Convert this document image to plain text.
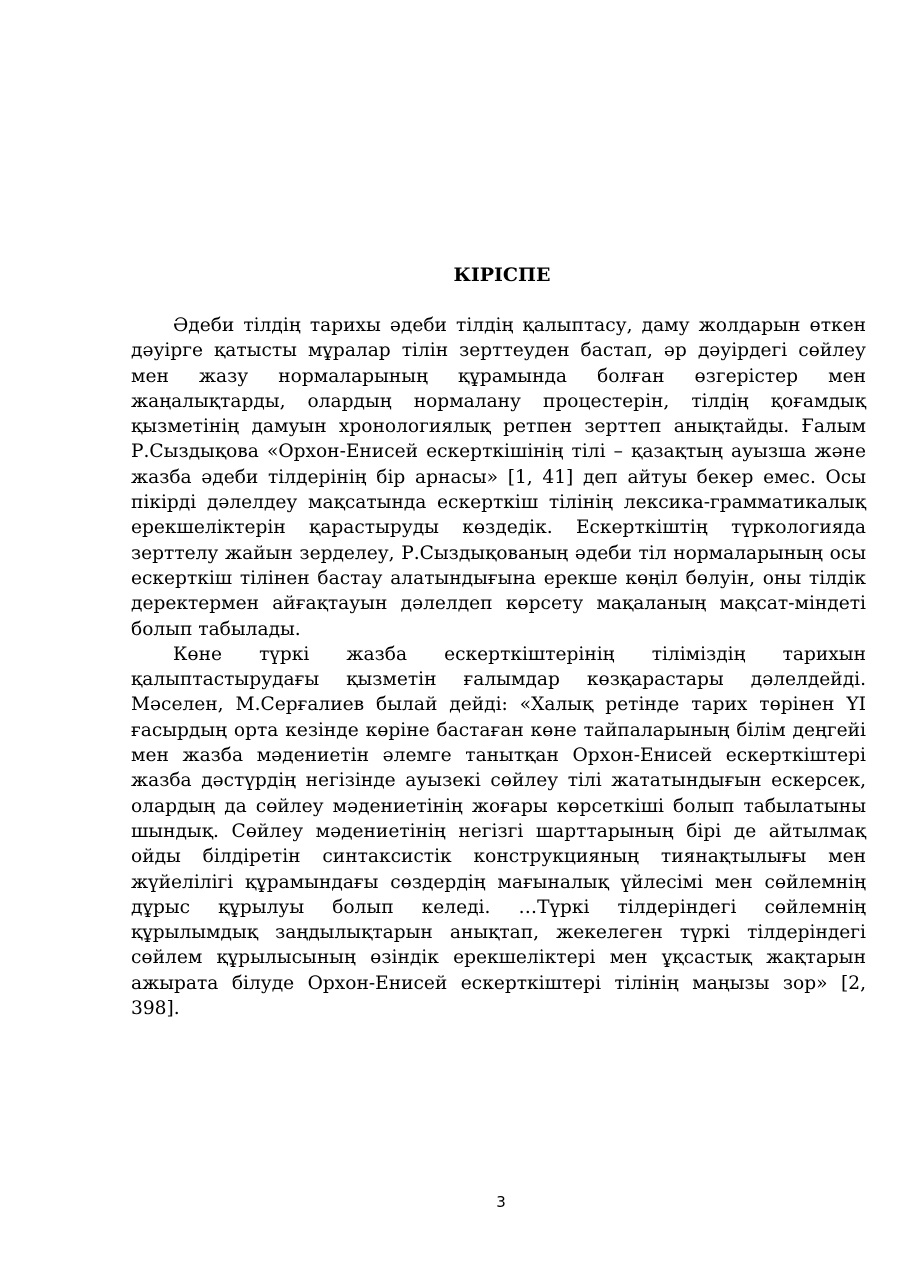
КІРІСПЕ

Әдеби тілдің тарихы әдеби тілдің қалыптасу, даму жолдарын өткен дәуірге қатысты мұралар тілін зерттеуден бастап, әр дәуірдегі сөйлеу мен жазу нормаларының құрамында болған өзгерістер мен жаңалықтарды, олардың нормалану процестерін, тілдің қоғамдық қызметінің дамуын хронологиялық ретпен зерттеп анықтайды. Ғалым Р.Сыздықова «Орхон-Енисей ескерткішінің тілі – қазақтың ауызша және жазба әдеби тілдерінің бір арнасы» [1, 41] деп айтуы бекер емес. Осы пікірді дәлелдеу мақсатында ескерткіш тілінің лексика-грамматикалық ерекшеліктерін қарастыруды көздедік. Ескерткіштің түркологияда зерттелу жайын зерделеу, Р.Сыздықованың әдеби тіл нормаларының осы ескерткіш тілінен бастау алатындығына ерекше көңіл бөлуін, оны тілдік деректермен айғақтауын дәлелдеп көрсету мақаланың мақсат-міндеті болып табылады.

Көне түркі жазба ескерткіштерінің тіліміздің тарихын қалыптастырудағы қызметін ғалымдар көзқарастары дәлелдейді. Мәселен, М.Серғалиев былай дейді: «Халық ретінде тарих төрінен YI ғасырдың орта кезінде көріне бастаған көне тайпаларының білім деңгейі мен жазба мәдениетін әлемге танытқан Орхон-Енисей ескерткіштері жазба дәстүрдің негізінде ауызекі сөйлеу тілі жататындығын ескерсек, олардың да сөйлеу мәдениетінің жоғары көрсеткіші болып табылатыны шындық. Сөйлеу мәдениетінің негізгі шарттарының бірі де айтылмақ ойды білдіретін синтаксистік конструкцияның тиянақтылығы мен жүйелілігі құрамындағы сөздердің мағыналық үйлесімі мен сөйлемнің дұрыс құрылуы болып келеді. …Түркі тілдеріндегі сөйлемнің құрылымдық заңдылықтарын анықтап, жекелеген түркі тілдеріндегі сөйлем құрылысының өзіндік ерекшеліктері мен ұқсастық жақтарын ажырата білуде Орхон-Енисей ескерткіштері тілінің маңызы зор» [2, 398].

3
